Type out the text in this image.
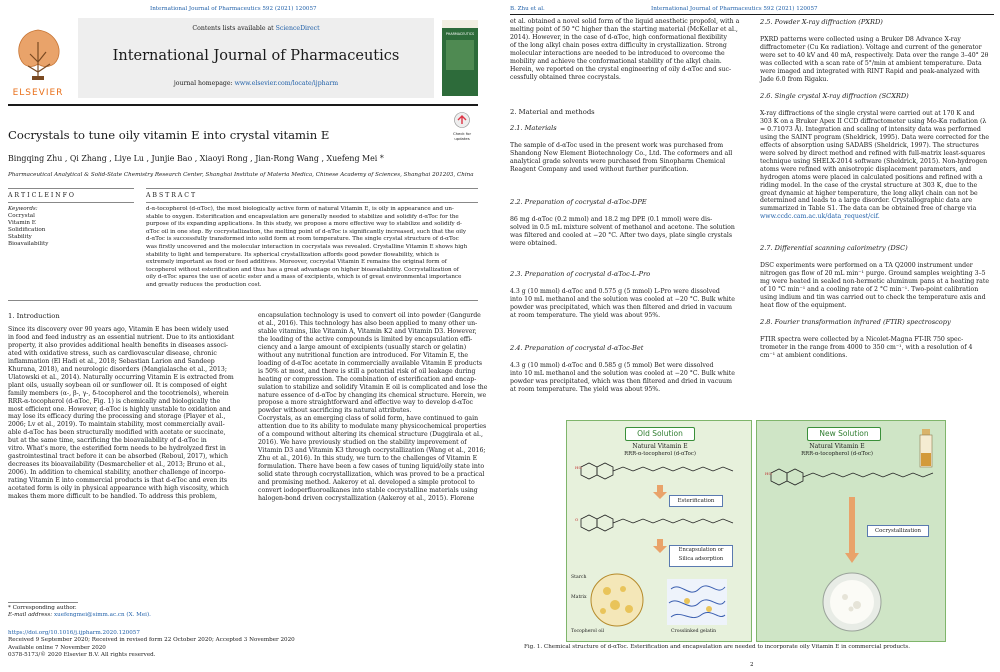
International Journal of Pharmaceutics 592 (2021) 120057
ELSEVIER
Contents lists available at ScienceDirect
International Journal of Pharmaceutics
journal homepage: www.elsevier.com/locate/ijpharm
PHARMACEUTICS
Check for updates
Cocrystals to tune oily vitamin E into crystal vitamin E
Bingqing Zhu , Qi Zhang , Liye Lu , Junjie Bao , Xiaoyi Rong , Jian-Rong Wang , Xuefeng Mei *
Pharmaceutical Analytical & Solid-State Chemistry Research Center, Shanghai Institute of Materia Medica, Chinese Academy of Sciences, Shanghai 201203, China
A R T I C L E I N F O	A B S T R A C T
Keywords:
Cocrystal
Vitamin E
Solidification
Stability
Bioavailability
d-α-tocopherol (d-αToc), the most biologically active form of natural Vitamin E, is oily in appearance and un-
stable to oxygen. Esterification and encapsulation are generally needed to stabilize and solidify d-αToc for the
purpose of its expanding applications. In this study, we propose a more effective way to stabilize and solidify d-
αToc oil in one step. By cocrystallization, the melting point of d-αToc is significantly increased, such that the oily
d-αToc is successfully transformed into solid form at room temperature. The single crystal structure of d-αToc
was firstly uncovered and the molecular interaction in cocrystals was revealed. Crystalline Vitamin E shows high
stability to light and temperature. Its spherical crystallization affords good powder flowability, which is
extremely important as food or feed additives. Moreover, cocrystal Vitamin E remains the original form of
tocopherol without esterification and thus has a great advantage on higher bioavailability. Cocrystallization of
oily d-αToc spares the use of acetic ester and a mass of excipients, which is of great environmental importance
and greatly reduces the production cost.
1. Introduction
Since its discovery over 90 years ago, Vitamin E has been widely used
in food and feed industry as an essential nutrient. Due to its antioxidant
property, it also provides additional health benefits in diseases associ-
ated with oxidative stress, such as cardiovascular disease, chronic
inflammation (El Hadi et al., 2018; Sebastian Larion and Sandeep
Khurana, 2018), and neurologic disorders (Mangialasche et al., 2013;
Ulatowski et al., 2014). Naturally occurring Vitamin E is extracted from
plant oils, usually soybean oil or sunflower oil. It is composed of eight
family members (α-, β-, γ-, δ-tocopherol and the tocotrienols), wherein
RRR-α-tocopherol (d-αToc, Fig. 1) is chemically and biologically the
most efficient one. However, d-αToc is highly unstable to oxidation and
may lose its efficacy during the processing and storage (Player et al.,
2006; Lv et al., 2019). To maintain stability, most commercially avail-
able d-αToc has been structurally modified with acetate or succinate,
but at the same time, sacrificing the bioavailability of d-αToc in
vitro. What's more, the esterified form needs to be hydrolyzed first in
gastrointestinal tract before it can be absorbed (Reboul, 2017), which
decreases its bioavailability (Desmarchelier et al., 2013; Bruno et al.,
2006). In addition to chemical stability, another challenge of incorpo-
rating Vitamin E into commercial products is that d-αToc and even its
acetated form is oily in physical appearance with high viscosity, which
makes them more difficult to be handled. To address this problem,
encapsulation technology is used to convert oil into powder (Gangurde
et al., 2016). This technology has also been applied to many other un-
stable vitamins, like Vitamin A, Vitamin K2 and Vitamin D3. However,
the loading of the active compounds is limited by encapsulation effi-
ciency and a large amount of excipients (usually starch or gelatin)
without any nutritional function are introduced. For Vitamin E, the
loading of d-αToc acetate in commercially available Vitamin E products
is 50% at most, and there is still a potential risk of oil leakage during
heating or compression. The combination of esterification and encap-
sulation to stabilize and solidify Vitamin E oil is complicated and lose the
nature essence of d-αToc by changing its chemical structure. Herein, we
propose a more straightforward and effective way to develop d-αToc
powder without sacrificing its natural attributes.
Cocrystals, as an emerging class of solid form, have continued to gain
attention due to its ability to modulate many physicochemical properties
of a compound without altering its chemical structure (Duggirala et al.,
2016). We have previously studied on the stability improvement of
Vitamin D3 and Vitamin K3 through cocrystallization (Wang et al., 2016;
Zhu et al., 2016). In this study, we turn to the challenges of Vitamin E
formulation. There have been a few cases of tuning liquid/oily state into
solid state through cocrystallization, which was proved to be a practical
and promising method. Aakeroy et al. developed a simple protocol to
convert iodoperfluoroalkanes into stable cocrystalline materials using
halogen-bond driven cocrystallization (Aakeroy et al., 2015). Florene
* Corresponding author.
E-mail address: xuefengmei@simm.ac.cn (X. Mei).
https://doi.org/10.1016/j.ijpharm.2020.120057
Received 9 September 2020; Received in revised form 22 October 2020; Accepted 3 November 2020
Available online 7 November 2020
0378-5173/© 2020 Elsevier B.V. All rights reserved.
B. Zhu et al.	International Journal of Pharmaceutics 592 (2021) 120057
et al. obtained a novel solid form of the liquid anesthetic propofol, with a
melting point of 50 °C higher than the starting material (McKellar et al.,
2014). However, in the case of d-αToc, high conformational flexibility
of the long alkyl chain poses extra difficulty in crystallization. Strong
molecular interactions are needed to be introduced to overcome the
mobility and achieve the conformational stability of the alkyl chain.
Herein, we reported on the crystal engineering of oily d-αToc and suc-
cessfully obtained three cocrystals.
2. Material and methods
2.1. Materials
The sample of d-αToc used in the present work was purchased from
Shandong New Element Biotechnology Co., Ltd. The coformers and all
analytical grade solvents were purchased from Sinopharm Chemical
Reagent Company and used without further purification.
2.2. Preparation of cocrystal d-αToc-DPE
86 mg d-αToc (0.2 mmol) and 18.2 mg DPE (0.1 mmol) were dis-
solved in 0.5 mL mixture solvent of methanol and acetone. The solution
was filtered and cooled at −20 °C. After two days, plate single crystals
were obtained.
2.3. Preparation of cocrystal d-αToc-L-Pro
4.3 g (10 mmol) d-αToc and 0.575 g (5 mmol) L-Pro were dissolved
into 10 mL methanol and the solution was cooled at −20 °C. Bulk white
powder was precipitated, which was then filtered and dried in vacuum
at room temperature. The yield was about 95%.
2.4. Preparation of cocrystal d-αToc-Bet
4.3 g (10 mmol) d-αToc and 0.585 g (5 mmol) Bet were dissolved
into 10 mL methanol and the solution was cooled at −20 °C. Bulk white
powder was precipitated, which was then filtered and dried in vacuum
at room temperature. The yield was about 95%.
2.5. Powder X-ray diffraction (PXRD)
PXRD patterns were collected using a Bruker D8 Advance X-ray
diffractometer (Cu Kα radiation). Voltage and current of the generator
were set to 40 kV and 40 mA, respectively. Data over the range 3–40° 2θ
was collected with a scan rate of 5°/min at ambient temperature. Data
were imaged and integrated with RINT Rapid and peak-analyzed with
Jade 6.0 from Rigaku.
2.6. Single crystal X-ray diffraction (SCXRD)
X-ray diffractions of the single crystal were carried out at 170 K and
303 K on a Bruker Apex II CCD diffractometer using Mo-Kα radiation (λ
= 0.71073 Å). Integration and scaling of intensity data was performed
using the SAINT program (Sheldrick, 1995). Data were corrected for the
effects of absorption using SADABS (Sheldrick, 1997). The structures
were solved by direct method and refined with full-matrix least-squares
technique using SHELX-2014 software (Sheldrick, 2015). Non-hydrogen
atoms were refined with anisotropic displacement parameters, and
hydrogen atoms were placed in calculated positions and refined with a
riding model. In the case of the crystal structure at 303 K, due to the
great dynamic at higher temperature, the long alkyl chain can not be
determined and leads to a large disorder. Crystallographic data are
summarized in Table S1. The data can be obtained free of charge via
www.ccdc.cam.ac.uk/data_request/cif.
2.7. Differential scanning calorimetry (DSC)
DSC experiments were performed on a TA Q2000 instrument under
nitrogen gas flow of 20 mL min⁻¹ purge. Ground samples weighting 3–5
mg were heated in sealed non-hermetic aluminum pans at a heating rate
of 10 °C min⁻¹ and a cooling rate of 2 °C min⁻¹. Two-point calibration
using indium and tin was carried out to check the temperature axis and
heat flow of the equipment.
2.8. Fourier transformation infrared (FTIR) spectroscopy
FTIR spectra were collected by a Nicolet-Magna FT-IR 750 spec-
trometer in the range from 4000 to 350 cm⁻¹, with a resolution of 4
cm⁻¹ at ambient conditions.
Old Solution
Natural Vitamin E
RRR-α-tocopherol (d-αToc)
HO
Esterification
O
Encapsulation or
Silica adsorption
Starch
Matrix
Tocopherol oil	Crosslinked gelatin
New Solution
Natural Vitamin E
RRR-α-tocopherol (d-αToc)
HO
Cocrystallization
Fig. 1. Chemical structure of d-αToc. Esterification and encapsulation are needed to incorporate oily Vitamin E in commercial products.
2
